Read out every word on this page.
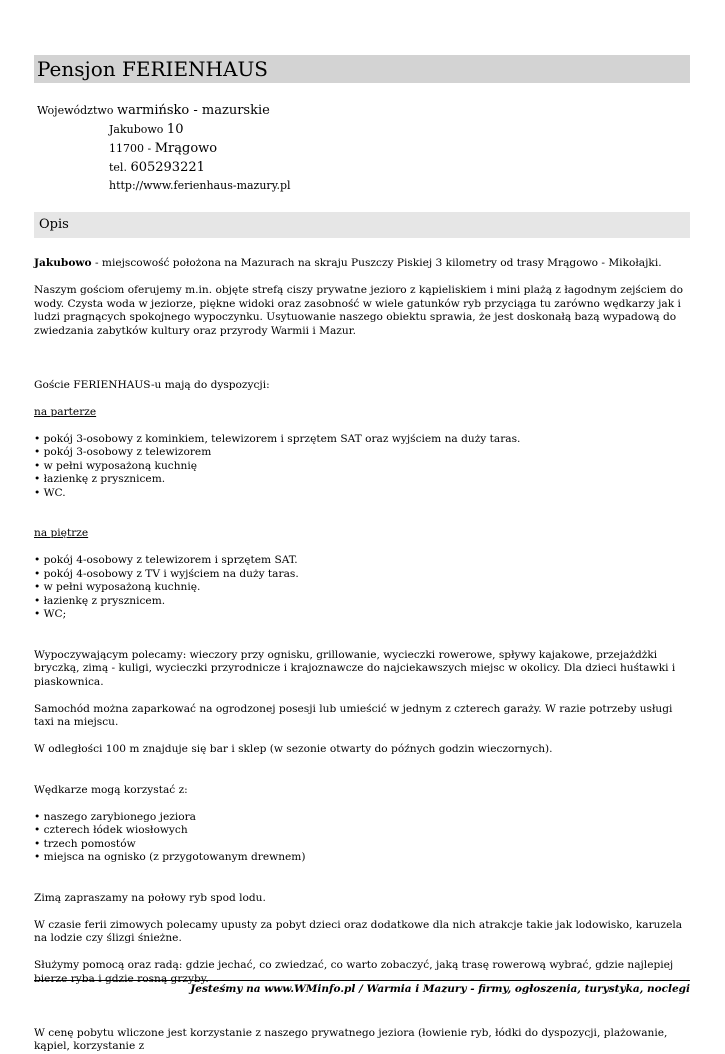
Pensjon FERIENHAUS
Województwo warmińsko - mazurskie
Jakubowo 10
11700 - Mrągowo
tel. 605293221
http://www.ferienhaus-mazury.pl
Opis

Jakubowo - miejscowość położona na Mazurach na skraju Puszczy Piskiej 3 kilometry od trasy Mrągowo - Mikołajki.

Naszym gościom oferujemy m.in. objęte strefą ciszy prywatne jezioro z kąpieliskiem i mini plażą z łagodnym zejściem do wody. Czysta woda w jeziorze, piękne widoki oraz zasobność w wiele gatunków ryb przyciąga tu zarówno wędkarzy jak i ludzi pragnących spokojnego wypoczynku. Usytuowanie naszego obiektu sprawia, że jest doskonałą bazą wypadową do zwiedzania zabytków kultury oraz przyrody Warmii i Mazur.

Goście FERIENHAUS-u mają do dyspozycji:

na parterze

• pokój 3-osobowy z kominkiem, telewizorem i sprzętem SAT oraz wyjściem na duży taras.

• pokój 3-osobowy z telewizorem

• w pełni wyposażoną kuchnię

• łazienkę z prysznicem.

• WC.

na piętrze

• pokój 4-osobowy z telewizorem i sprzętem SAT.

• pokój 4-osobowy z TV i wyjściem na duży taras.

• w pełni wyposażoną kuchnię.

• łazienkę z prysznicem.

• WC;

Wypoczywającym polecamy: wieczory przy ognisku, grillowanie, wycieczki rowerowe, spływy kajakowe, przejażdżki bryczką, zimą - kuligi, wycieczki przyrodnicze i krajoznawcze do najciekawszych miejsc w okolicy. Dla dzieci huśtawki i piaskownica.

Samochód można zaparkować na ogrodzonej posesji lub umieścić w jednym z czterech garaży. W razie potrzeby usługi taxi na miejscu.

W odległości 100 m znajduje się bar i sklep (w sezonie otwarty do późnych godzin wieczornych).

Wędkarze mogą korzystać z:

• naszego zarybionego jeziora

• czterech łódek wiosłowych

• trzech pomostów

• miejsca na ognisko (z przygotowanym drewnem)

Zimą zapraszamy na połowy ryb spod lodu.

W czasie ferii zimowych polecamy upusty za pobyt dzieci oraz dodatkowe dla nich atrakcje takie jak lodowisko, karuzela na lodzie czy ślizgi śnieżne.

Służymy pomocą oraz radą: gdzie jechać, co zwiedzać, co warto zobaczyć, jaką trasę rowerową wybrać, gdzie najlepiej bierze ryba i gdzie rosną grzyby.

W cenę pobytu wliczone jest korzystanie z naszego prywatnego jeziora (łowienie ryb, łódki do dyspozycji, plażowanie, kąpiel, korzystanie z

Jesteśmy na www.WMinfo.pl / Warmia i Mazury - firmy, ogłoszenia, turystyka, noclegi
